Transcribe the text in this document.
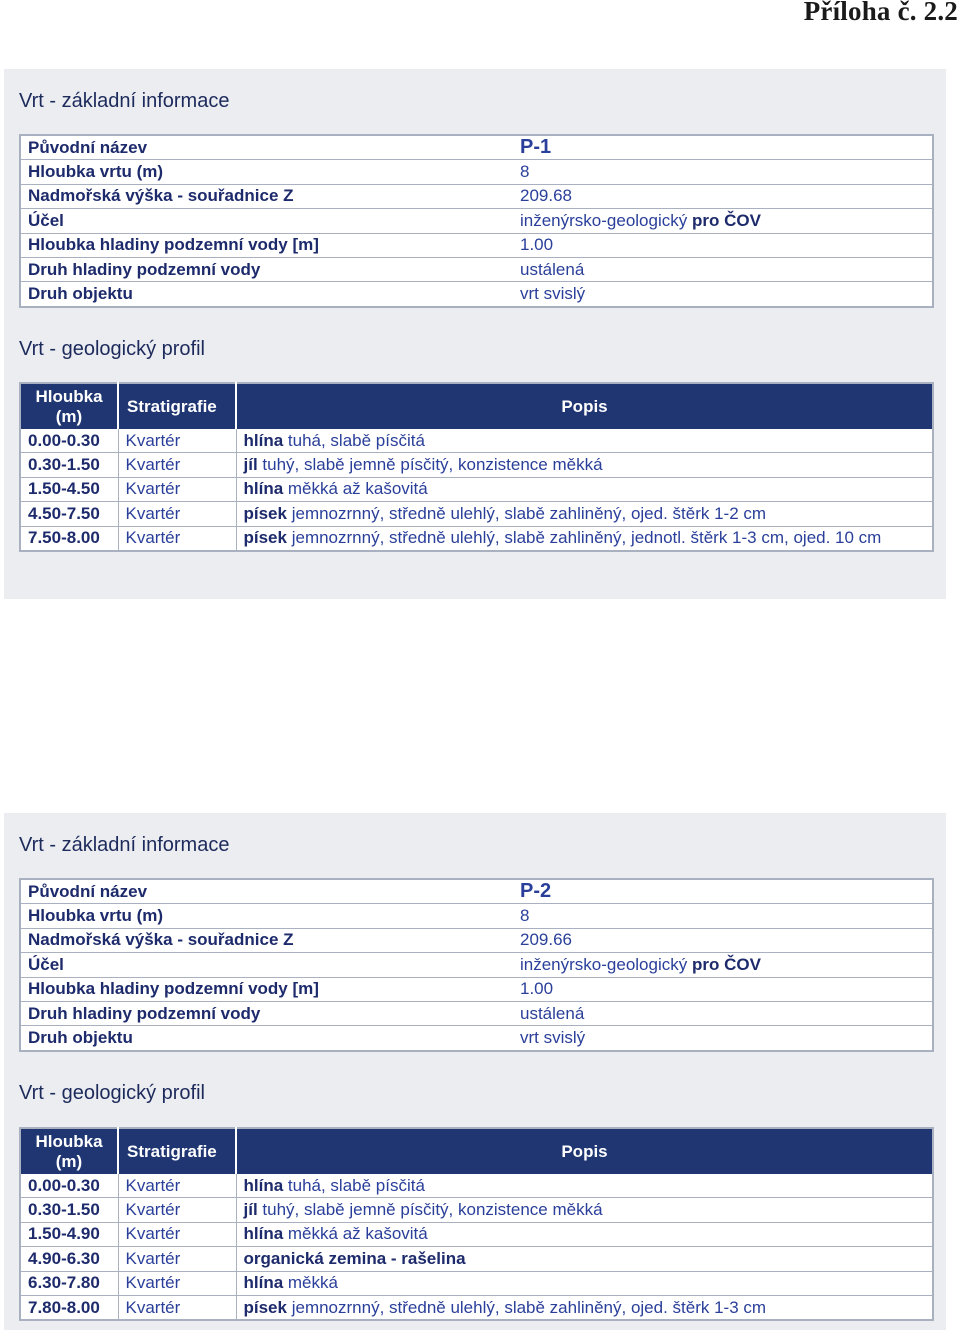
Příloha č. 2.2
Vrt - základní informace
Původní název	P-1
Hloubka vrtu (m)	8
Nadmořská výška - souřadnice Z	209.68
Účel	inženýrsko-geologický pro ČOV
Hloubka hladiny podzemní vody [m]	1.00
Druh hladiny podzemní vody	ustálená
Druh objektu	vrt svislý
Vrt - geologický profil
Hloubka
(m)	Stratigrafie	Popis
0.00-0.30	Kvartér	hlína tuhá, slabě písčitá
0.30-1.50	Kvartér	jíl tuhý, slabě jemně písčitý, konzistence měkká
1.50-4.50	Kvartér	hlína měkká až kašovitá
4.50-7.50	Kvartér	písek jemnozrnný, středně ulehlý, slabě zahliněný, ojed. štěrk 1-2 cm
7.50-8.00	Kvartér	písek jemnozrnný, středně ulehlý, slabě zahliněný, jednotl. štěrk 1-3 cm, ojed. 10 cm
Vrt - základní informace
Původní název	P-2
Hloubka vrtu (m)	8
Nadmořská výška - souřadnice Z	209.66
Účel	inženýrsko-geologický pro ČOV
Hloubka hladiny podzemní vody [m]	1.00
Druh hladiny podzemní vody	ustálená
Druh objektu	vrt svislý
Vrt - geologický profil
Hloubka
(m)	Stratigrafie	Popis
0.00-0.30	Kvartér	hlína tuhá, slabě písčitá
0.30-1.50	Kvartér	jíl tuhý, slabě jemně písčitý, konzistence měkká
1.50-4.90	Kvartér	hlína měkká až kašovitá
4.90-6.30	Kvartér	organická zemina - rašelina
6.30-7.80	Kvartér	hlína měkká
7.80-8.00	Kvartér	písek jemnozrnný, středně ulehlý, slabě zahliněný, ojed. štěrk 1-3 cm
